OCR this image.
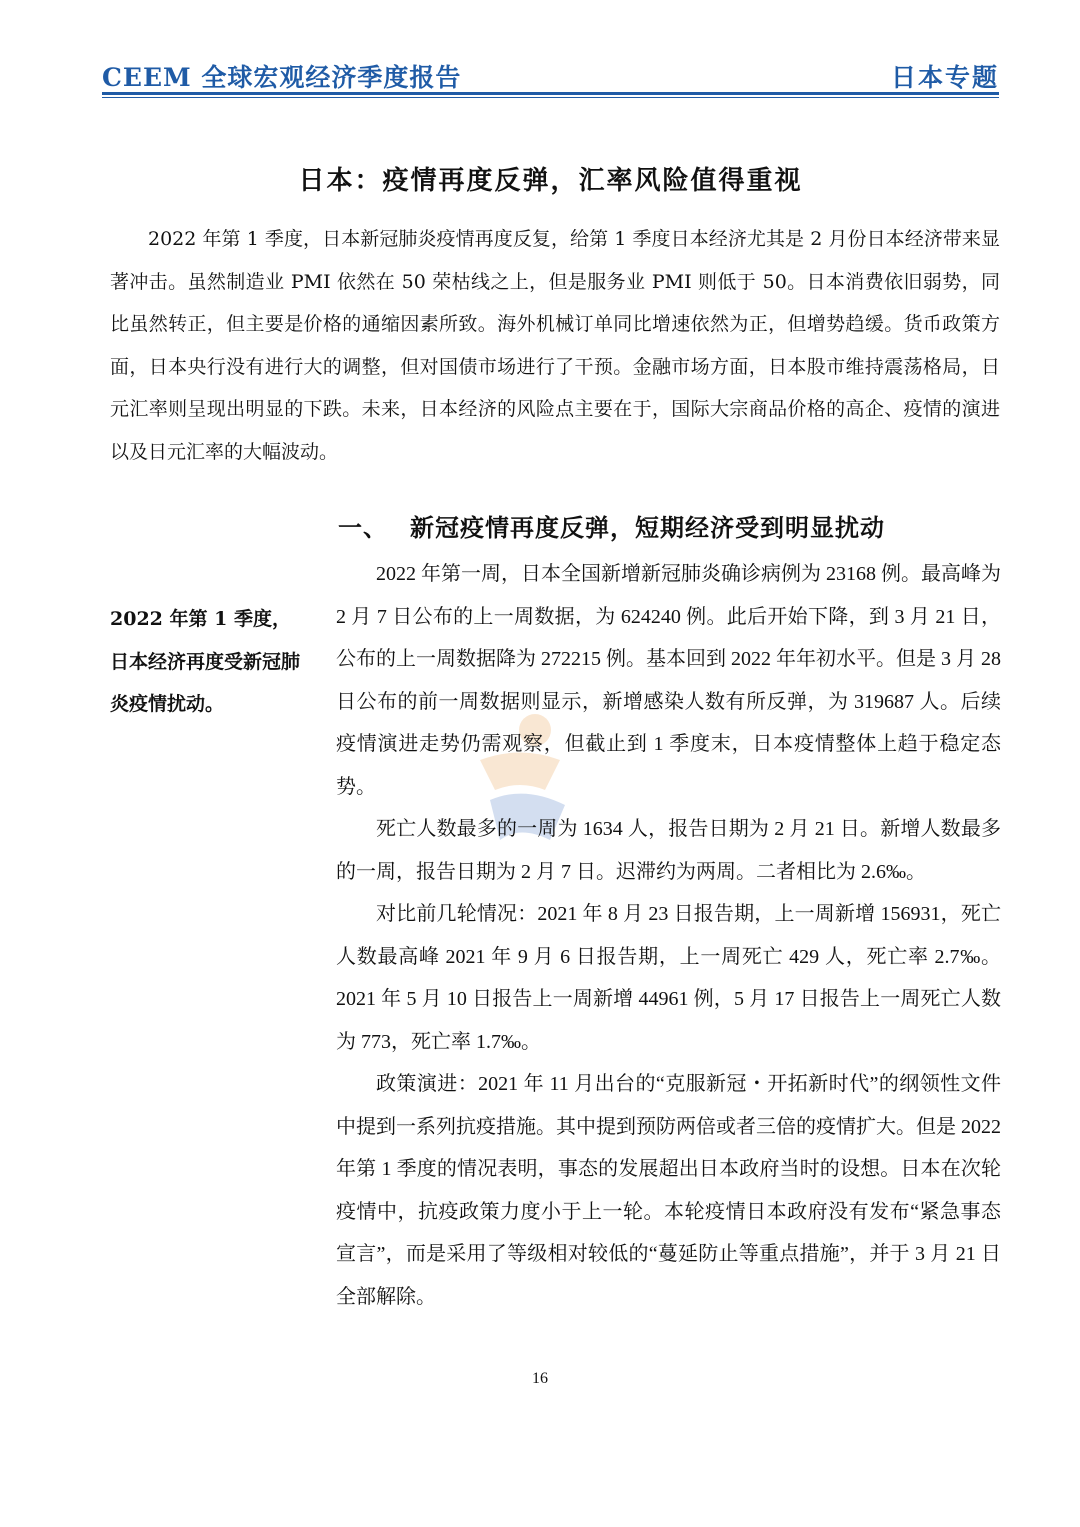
CEEM 全球宏观经济季度报告	日本专题
日本：疫情再度反弹，汇率风险值得重视

2022 年第 1 季度，日本新冠肺炎疫情再度反复，给第 1 季度日本经济尤其是 2 月份日本经济带来显著冲击。虽然制造业 PMI 依然在 50 荣枯线之上，但是服务业 PMI 则低于 50。日本消费依旧弱势，同比虽然转正，但主要是价格的通缩因素所致。海外机械订单同比增速依然为正，但增势趋缓。货币政策方面，日本央行没有进行大的调整，但对国债市场进行了干预。金融市场方面，日本股市维持震荡格局，日元汇率则呈现出明显的下跌。未来，日本经济的风险点主要在于，国际大宗商品价格的高企、疫情的演进以及日元汇率的大幅波动。

一、 新冠疫情再度反弹，短期经济受到明显扰动

2022 年第 1 季度，日本经济再度受新冠肺炎疫情扰动。

2022 年第一周，日本全国新增新冠肺炎确诊病例为 23168 例。最高峰为 2 月 7 日公布的上一周数据，为 624240 例。此后开始下降，到 3 月 21 日，公布的上一周数据降为 272215 例。基本回到 2022 年年初水平。但是 3 月 28 日公布的前一周数据则显示，新增感染人数有所反弹，为 319687 人。后续疫情演进走势仍需观察，但截止到 1 季度末，日本疫情整体上趋于稳定态势。

死亡人数最多的一周为 1634 人，报告日期为 2 月 21 日。新增人数最多的一周，报告日期为 2 月 7 日。迟滞约为两周。二者相比为 2.6‰。

对比前几轮情况：2021 年 8 月 23 日报告期，上一周新增 156931，死亡人数最高峰 2021 年 9 月 6 日报告期，上一周死亡 429 人，死亡率 2.7‰。2021 年 5 月 10 日报告上一周新增 44961 例，5 月 17 日报告上一周死亡人数为 773，死亡率 1.7‰。

政策演进：2021 年 11 月出台的“克服新冠・开拓新时代”的纲领性文件中提到一系列抗疫措施。其中提到预防两倍或者三倍的疫情扩大。但是 2022 年第 1 季度的情况表明，事态的发展超出日本政府当时的设想。日本在次轮疫情中，抗疫政策力度小于上一轮。本轮疫情日本政府没有发布“紧急事态宣言”，而是采用了等级相对较低的“蔓延防止等重点措施”，并于 3 月 21 日全部解除。

16
